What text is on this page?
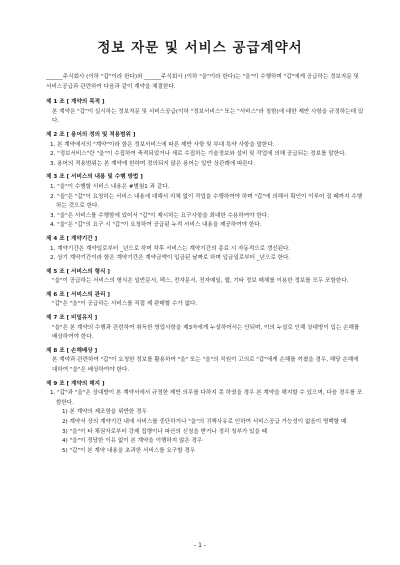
정보 자문 및 서비스 공급계약서

______주식회사 (이하 "갑"이라 한다)와 ______주식회사 (이하 "을"이라 한다)는 "을"이 수행하며 "갑"에게 공급하는 정보자문 및 서비스공급과 관련하여 다음과 같이 계약을 체결한다.

제 1 조 [ 계약의 목적 ]

본 계약은 "갑"이 실시하는 정보자문 및 서비스공급(이하 "정보서비스" 또는 "서비스"라 칭함)에 대한 제반 사항을 규정하는데 있다.

제 2 조 [ 용어의 정의 및 적용범위 ]

1. 본 계약에서의 "계약"이라 함은 정보서비스에 따른 제반 사항 및 부대 특약 사항을 말한다.

2. "정보서비스"란 "을"이 수집하여 축적되었거나 새로 수집하는 기술정보와 설비 및 작업에 의해 공급되는 정보를 말한다.

3. 용어의 적용범위는 본 계약에 한하며 정의되지 않은 용어는 일반 상관례에 따른다.

제 3 조 [ 서비스의 내용 및 수행 방법 ]

1. "을"이 수행할 서비스 내용은 #별첨1 과 같다.

2. "을"은 "갑"이 요청하는 서비스 내용에 대해서 지체 없이 작업을 수행하여야 하며 "갑"에 의해서 확인이 이루어 질 때까지 수행하는 것으로 한다.

3. "을"은 서비스를 수행함에 있어서 "갑"이 제시하는 요구사항을 최대한 수용하여야 한다.

4. "을"은 "갑"의 요구 시 "갑"이 요청하여 공급된 누적 서비스 내용을 제공하여야 한다.

제 4 조 [ 계약기간 ]

1. 계약기간은 계약일로부터 _년으로 하며 차후 서비스는 계약기간의 종료 시 자동적으로 갱신된다.

2. 상기 계약기간이라 함은 계약기간은 계약금액이 입금된 날짜로 하며 입금일로부터 _년으로 한다.

제 5 조 [ 서비스의 형식 ]

"을"이 공급하는 서비스의 형식은 일반문서, 팩스, 전자문서, 전자메일, 웹, 기타 정보 매체를 이용한 정보를 모두 포함한다.

제 6 조 [ 서비스의 관리 ]

"갑"은 "을"이 공급하는 서비스를 직접 제 판매할 수가 없다.

제 7 조 [ 비밀유지 ]

"을"은 본 계약의 수행과 관련하여 취득한 영업사항을 제3자에게 누설하여서는 안되며, 이의 누설로 인해 상대방이 입는 손해를 배상하여야 한다.

제 8 조 [ 손해배상 ]

본 계약과 관련하여 "갑"이 요청한 정보를 활용하여 "을" 또는 "을"의 직원이 고의로 "갑"에게 손해를 끼쳤을 경우, 해당 손해에 대하여 "을"은 배상하여야 한다.

제 9 조 [ 계약의 해지 ]

1. "갑"과 "을"은 상대방이 본 계약서에서 규정한 제반 의무를 다하지 못 하였을 경우 본 계약을 해지할 수 있으며, 다음 경우를 포함한다.

1) 본 계약의 제조항을 위반한 경우

2) 계약서 상의 계약기간 내에 서비스를 중단하거나 "을"의 귀책사유로 인하여 서비스공급 가능성이 없음이 명백할 때

3) "을"이 타 채권자로부터 강제 집행이나 파산의 신청을 받거나 정리 청부가 있을 때

4) "을"이 정당한 이유 없이 본 계약을 이행하지 않은 경우

5) "갑"이 본 계약 내용을 초과한 서비스를 요구할 경우

- 1 -
